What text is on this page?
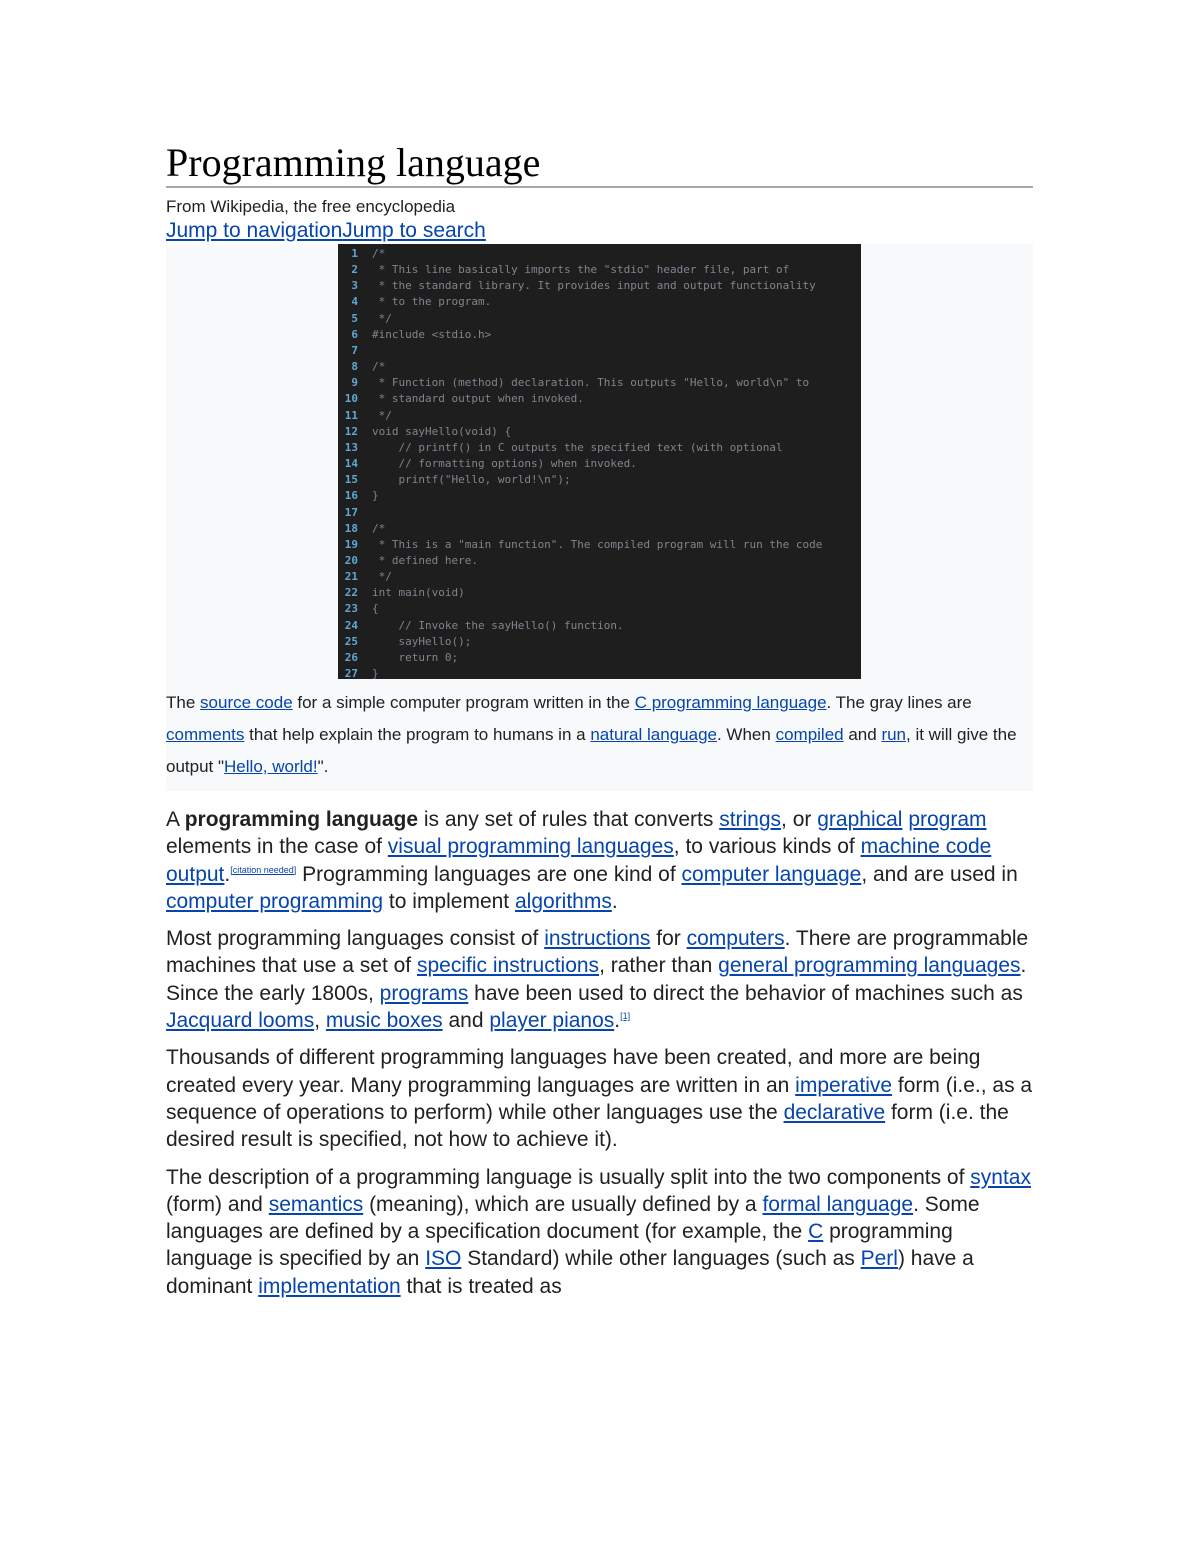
Programming language
From Wikipedia, the free encyclopedia
Jump to navigationJump to search
1	/*
2	* This line basically imports the "stdio" header file, part of
3	* the standard library. It provides input and output functionality
4	* to the program.
5	*/
6	#include <stdio.h>
7
8	/*
9	* Function (method) declaration. This outputs "Hello, world\n" to
10	* standard output when invoked.
11	*/
12	void sayHello(void) {
13	// printf() in C outputs the specified text (with optional
14	// formatting options) when invoked.
15	printf("Hello, world!\n");
16	}
17
18	/*
19	* This is a "main function". The compiled program will run the code
20	* defined here.
21	*/
22	int main(void)
23	{
24	// Invoke the sayHello() function.
25	sayHello();
26	return 0;
27	}
The source code for a simple computer program written in the C programming language. The gray lines are comments that help explain the program to humans in a natural language. When compiled and run, it will give the output "Hello, world!".

A programming language is any set of rules that converts strings, or graphical program elements in the case of visual programming languages, to various kinds of machine code output.[citation needed] Programming languages are one kind of computer language, and are used in computer programming to implement algorithms.

Most programming languages consist of instructions for computers. There are programmable machines that use a set of specific instructions, rather than general programming languages. Since the early 1800s, programs have been used to direct the behavior of machines such as Jacquard looms, music boxes and player pianos.[1]

Thousands of different programming languages have been created, and more are being created every year. Many programming languages are written in an imperative form (i.e., as a sequence of operations to perform) while other languages use the declarative form (i.e. the desired result is specified, not how to achieve it).

The description of a programming language is usually split into the two components of syntax (form) and semantics (meaning), which are usually defined by a formal language. Some languages are defined by a specification document (for example, the C programming language is specified by an ISO Standard) while other languages (such as Perl) have a dominant implementation that is treated as
